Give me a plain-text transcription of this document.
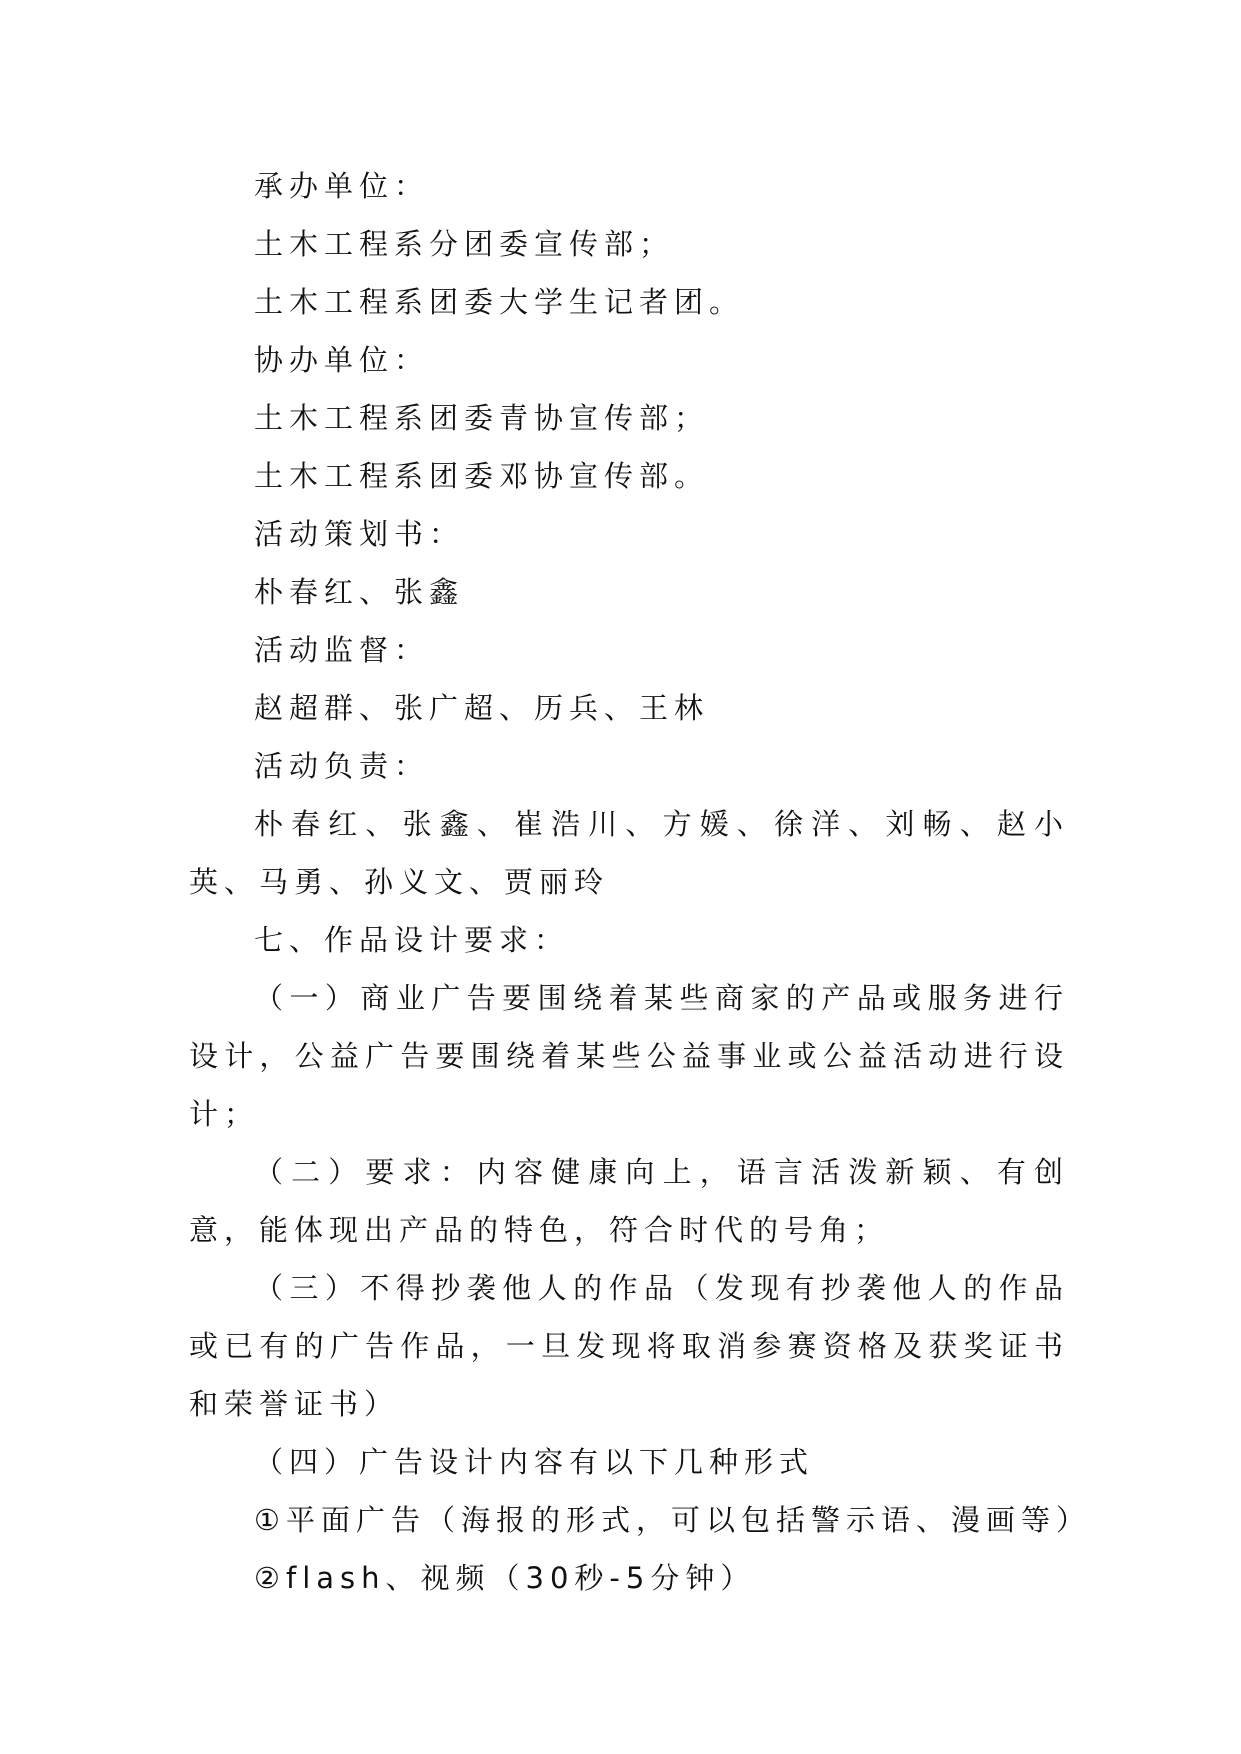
承办单位：
土木工程系分团委宣传部；
土木工程系团委大学生记者团。
协办单位：
土木工程系团委青协宣传部；
土木工程系团委邓协宣传部。
活动策划书：
朴春红、张鑫
活动监督：
赵超群、张广超、历兵、王林
活动负责：
朴春红、张鑫、崔浩川、方媛、徐洋、刘畅、赵小英、马勇、孙义文、贾丽玲
七、作品设计要求：
（一）商业广告要围绕着某些商家的产品或服务进行设计，公益广告要围绕着某些公益事业或公益活动进行设计；
（二）要求：内容健康向上，语言活泼新颖、有创意，能体现出产品的特色，符合时代的号角；
（三）不得抄袭他人的作品（发现有抄袭他人的作品或已有的广告作品，一旦发现将取消参赛资格及获奖证书和荣誉证书）
（四）广告设计内容有以下几种形式
①平面广告（海报的形式，可以包括警示语、漫画等）
②flash、视频（30秒-5分钟）
